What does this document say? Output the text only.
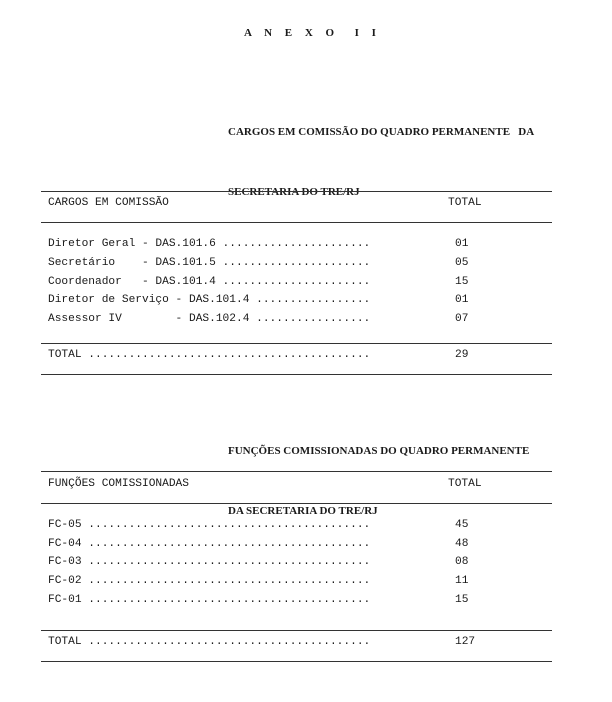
A N E X O  I I

CARGOS EM COMISSÃO DO QUADRO PERMANENTE   DA

SECRETARIA DO TRE/RJ

CARGOS EM COMISSÃO	TOTAL
Diretor Geral - DAS.101.6 ......................	01
Secretário    - DAS.101.5 ......................	05
Coordenador   - DAS.101.4 ......................	15
Diretor de Serviço - DAS.101.4 .................	01
Assessor IV        - DAS.102.4 .................	07
TOTAL ..........................................	29

FUNÇÕES COMISSIONADAS DO QUADRO PERMANENTE

DA SECRETARIA DO TRE/RJ

FUNÇÕES COMISSIONADAS	TOTAL
FC-05 ..........................................	45
FC-04 ..........................................	48
FC-03 ..........................................	08
FC-02 ..........................................	11
FC-01 ..........................................	15
TOTAL ..........................................	127
